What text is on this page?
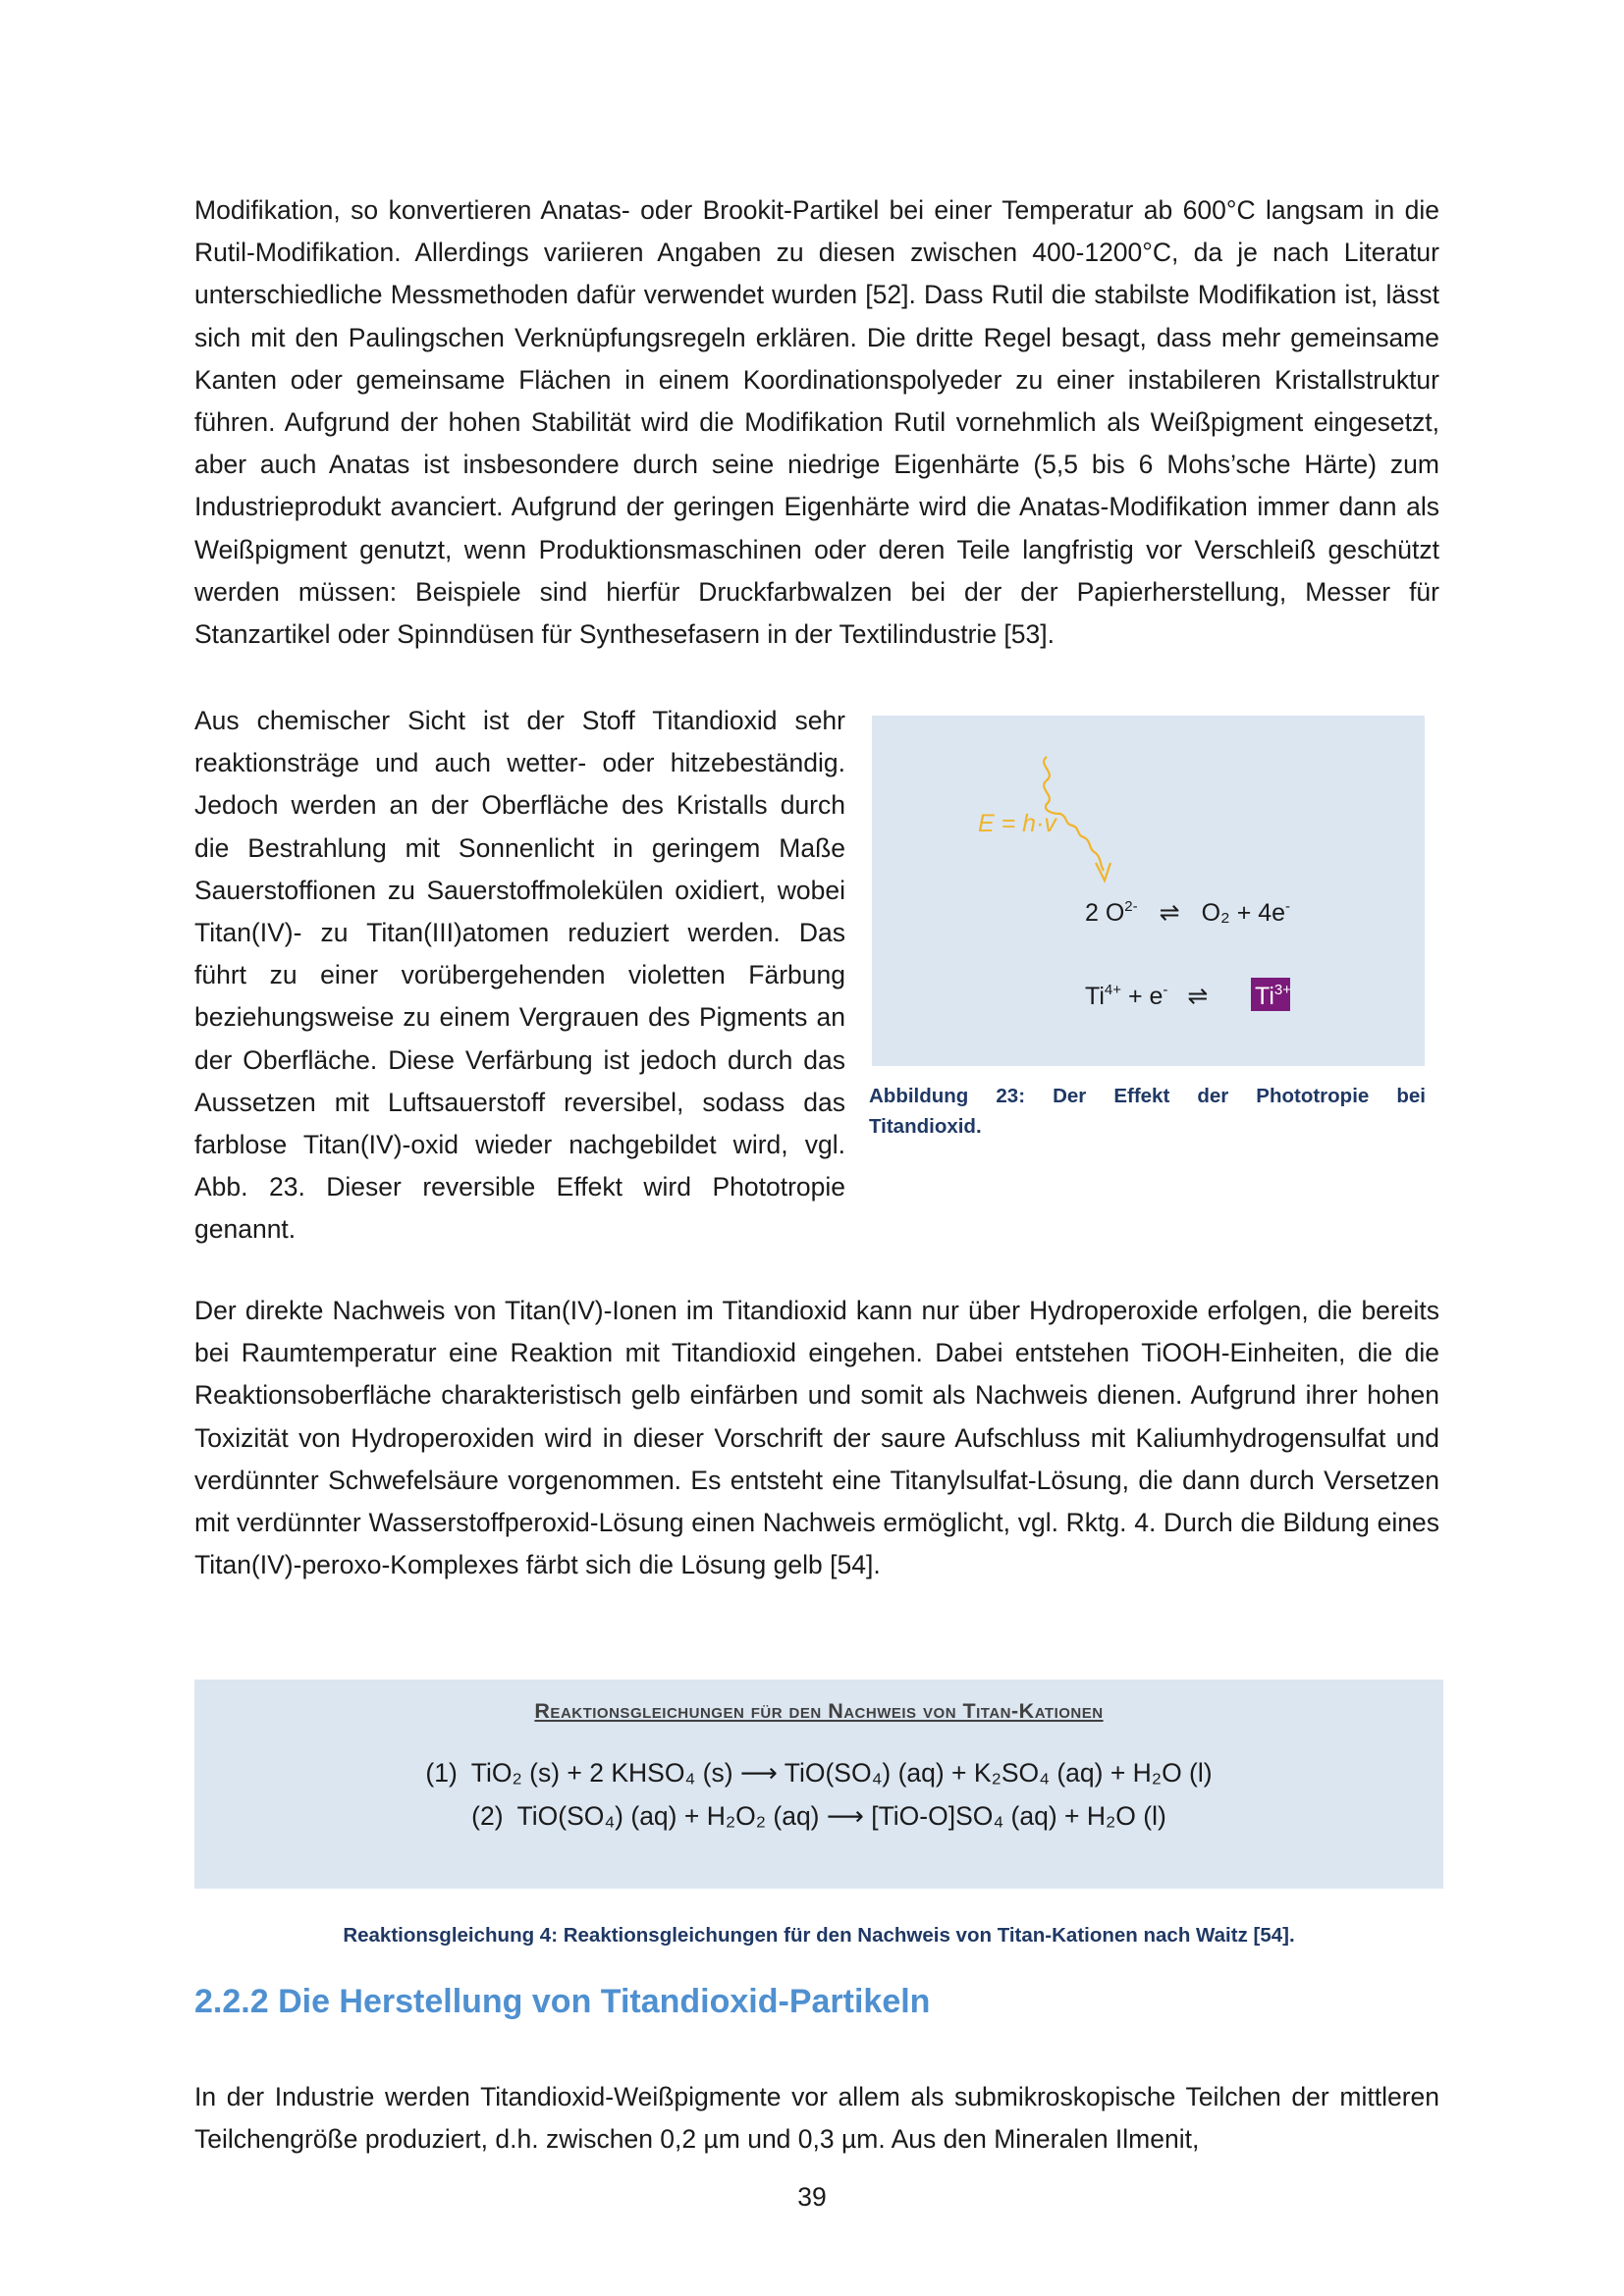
Modifikation, so konvertieren Anatas- oder Brookit-Partikel bei einer Temperatur ab 600°C langsam in die Rutil-Modifikation. Allerdings variieren Angaben zu diesen zwischen 400-1200°C, da je nach Literatur unterschiedliche Messmethoden dafür verwendet wurden [52]. Dass Rutil die stabilste Modifikation ist, lässt sich mit den Paulingschen Verknüpfungsregeln erklären. Die dritte Regel besagt, dass mehr gemeinsame Kanten oder gemeinsame Flächen in einem Koordinationspolyeder zu einer instabileren Kristallstruktur führen. Aufgrund der hohen Stabilität wird die Modifikation Rutil vornehmlich als Weißpigment eingesetzt, aber auch Anatas ist insbesondere durch seine niedrige Eigenhärte (5,5 bis 6 Mohs’sche Härte) zum Industrieprodukt avanciert. Aufgrund der geringen Eigenhärte wird die Anatas-Modifikation immer dann als Weißpigment genutzt, wenn Produktionsmaschinen oder deren Teile langfristig vor Verschleiß geschützt werden müssen: Beispiele sind hierfür Druckfarbwalzen bei der der Papierherstellung, Messer für Stanzartikel oder Spinndüsen für Synthesefasern in der Textilindustrie [53].

Aus chemischer Sicht ist der Stoff Titandioxid sehr reaktionsträge und auch wetter- oder hitzebeständig. Jedoch werden an der Oberfläche des Kristalls durch die Bestrahlung mit Sonnenlicht in geringem Maße Sauerstoffionen zu Sauerstoffmolekülen oxidiert, wobei Titan(IV)- zu Titan(III)atomen reduziert werden. Das führt zu einer vorübergehenden violetten Färbung beziehungsweise zu einem Vergrauen des Pigments an der Oberfläche. Diese Verfärbung ist jedoch durch das Aussetzen mit Luftsauerstoff reversibel, sodass das farblose Titan(IV)-oxid wieder nachgebildet wird, vgl. Abb. 23. Dieser reversible Effekt wird Phototropie genannt.

E = h·v
2 $O^{2-}$ ⇌ O₂ + 4e-
$Ti^{4+} + e^-$ ⇌ $Ti^{3+}$
Abbildung 23: Der Effekt der Phototropie bei
Titandioxid.

Der direkte Nachweis von Titan(IV)-Ionen im Titandioxid kann nur über Hydroperoxide erfolgen, die bereits bei Raumtemperatur eine Reaktion mit Titandioxid eingehen. Dabei entstehen TiOOH-Einheiten, die die Reaktionsoberfläche charakteristisch gelb einfärben und somit als Nachweis dienen. Aufgrund ihrer hohen Toxizität von Hydroperoxiden wird in dieser Vorschrift der saure Aufschluss mit Kaliumhydrogensulfat und verdünnter Schwefelsäure vorgenommen. Es entsteht eine Titanylsulfat-Lösung, die dann durch Versetzen mit verdünnter Wasserstoffperoxid-Lösung einen Nachweis ermöglicht, vgl. Rktg. 4. Durch die Bildung eines Titan(IV)-peroxo-Komplexes färbt sich die Lösung gelb [54].

Reaktionsgleichungen für den Nachweis von Titan-Kationen
(1) TiO₂ (s) + 2 KHSO₄ (s) ⟶ TiO(SO₄) (aq) + K₂SO₄ (aq) + H₂O (l)
(2) TiO(SO₄) (aq) + H₂O₂ (aq) ⟶ [TiO-O]SO₄ (aq) + H₂O (l)
Reaktionsgleichung 4: Reaktionsgleichungen für den Nachweis von Titan-Kationen nach Waitz [54].
2.2.2 Die Herstellung von Titandioxid-Partikeln

In der Industrie werden Titandioxid-Weißpigmente vor allem als submikroskopische Teilchen der mittleren Teilchengröße produziert, d.h. zwischen 0,2 µm und 0,3 µm. Aus den Mineralen Ilmenit,

39
